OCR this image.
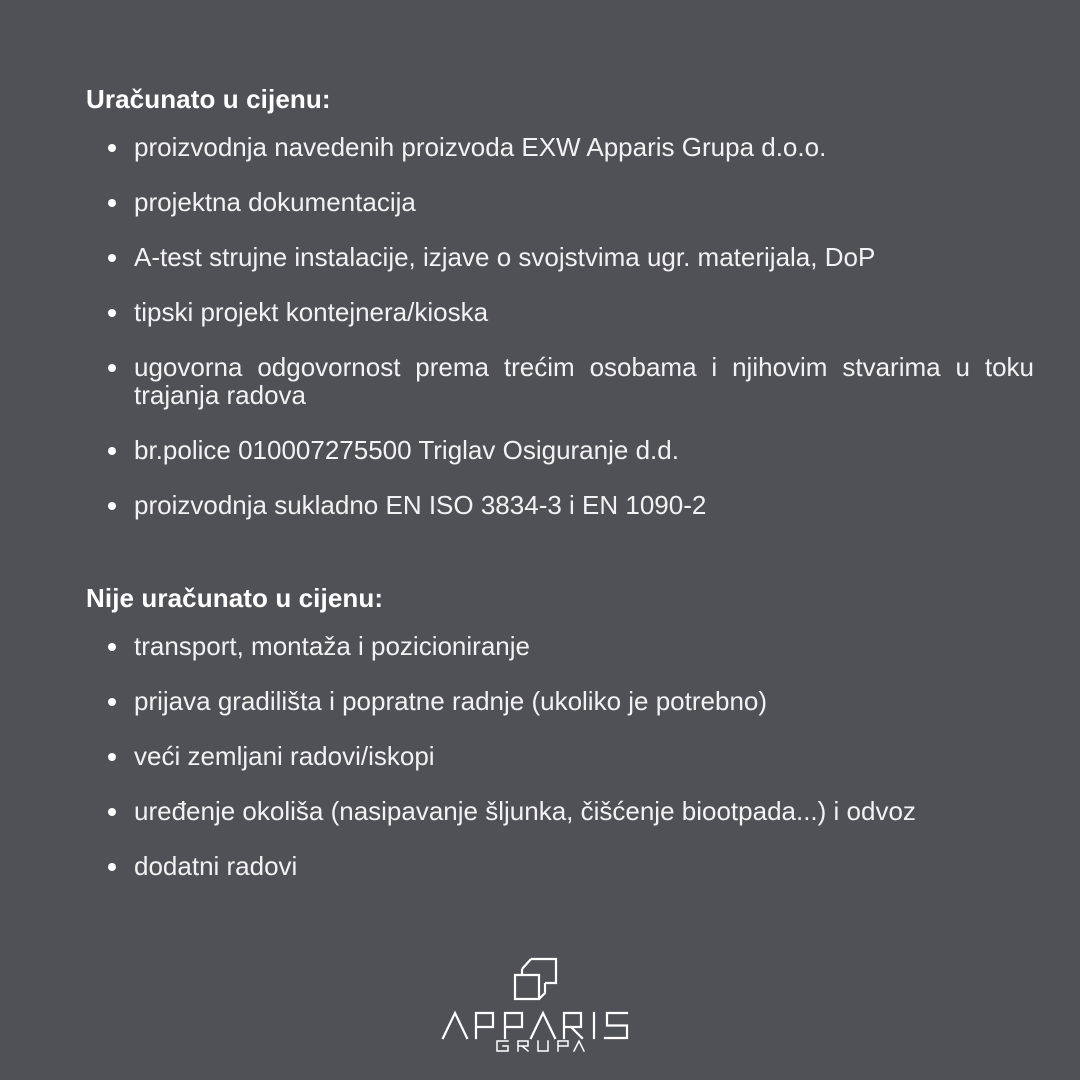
Uračunato u cijenu:
proizvodnja navedenih proizvoda EXW Apparis Grupa d.o.o.
projektna dokumentacija
A-test strujne instalacije, izjave o svojstvima ugr. materijala, DoP
tipski projekt kontejnera/kioska
ugovorna odgovornost prema trećim osobama i njihovim stvarima u toku trajanja radova
br.police 010007275500 Triglav Osiguranje d.d.
proizvodnja sukladno EN ISO 3834-3 i EN 1090-2
Nije uračunato u cijenu:
transport, montaža i pozicioniranje
prijava gradilišta i popratne radnje (ukoliko je potrebno)
veći zemljani radovi/iskopi
uređenje okoliša (nasipavanje šljunka, čišćenje biootpada...) i odvoz
dodatni radovi
